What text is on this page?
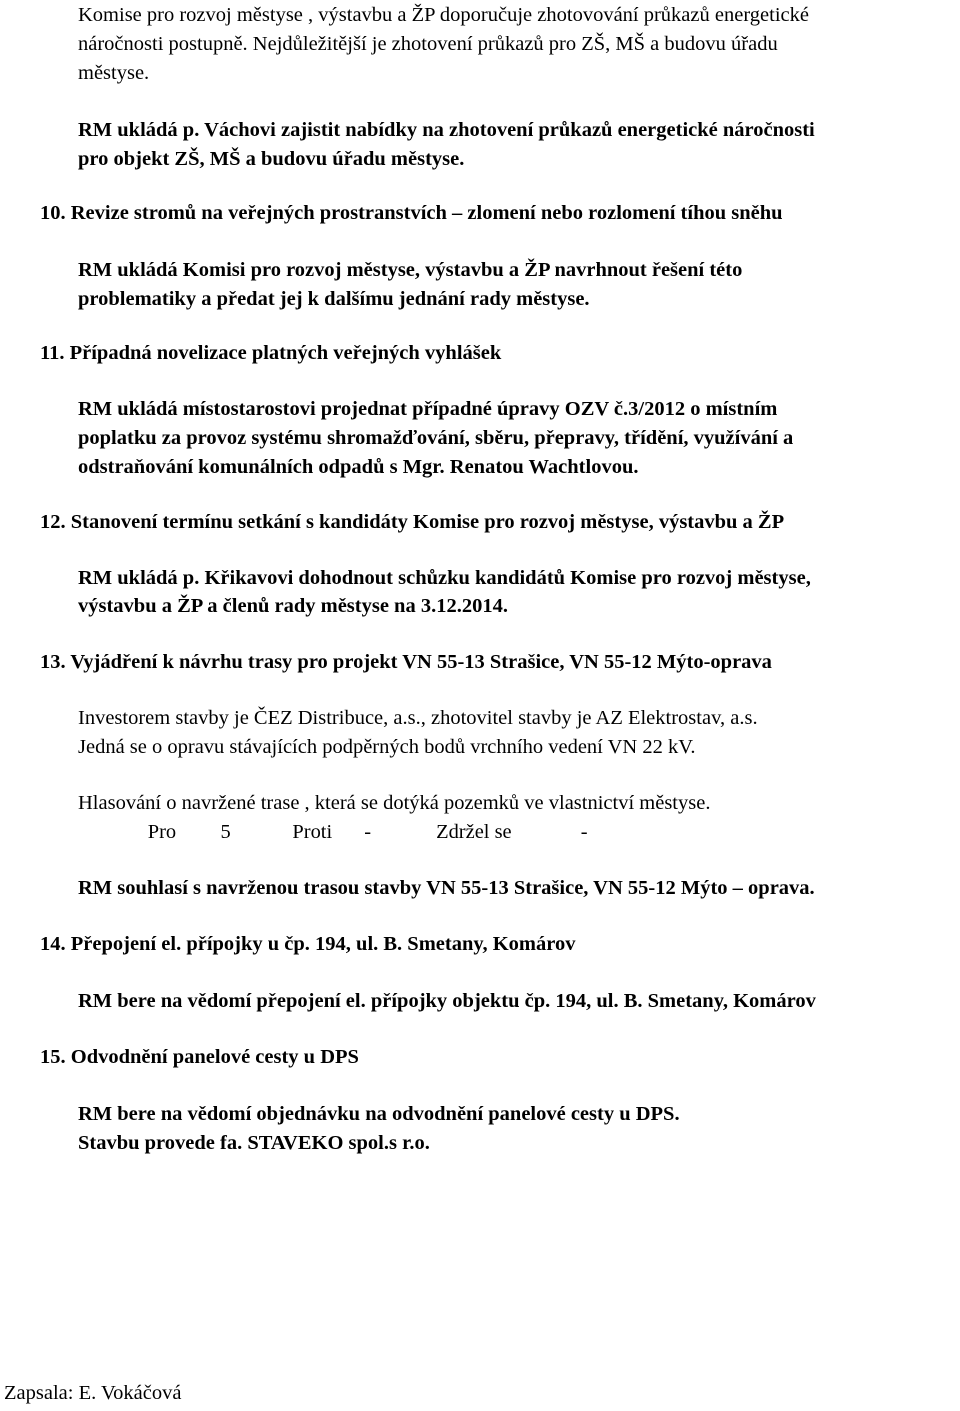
Komise pro rozvoj městyse , výstavbu a ŽP doporučuje zhotovování průkazů energetické
náročnosti postupně. Nejdůležitější je zhotovení průkazů pro ZŠ, MŠ a budovu úřadu
městyse.
RM ukládá p. Váchovi zajistit nabídky na zhotovení průkazů energetické náročnosti
pro objekt ZŠ, MŠ a budovu úřadu městyse.
10. Revize stromů na veřejných prostranstvích – zlomení nebo rozlomení tíhou sněhu
RM ukládá Komisi pro rozvoj městyse, výstavbu a ŽP navrhnout řešení této
problematiky a předat jej k dalšímu jednání rady městyse.
11. Případná novelizace platných veřejných vyhlášek
RM ukládá místostarostovi projednat případné úpravy OZV č.3/2012 o místním
poplatku za provoz systému shromažďování, sběru, přepravy, třídění, využívání a
odstraňování komunálních odpadů s Mgr. Renatou Wachtlovou.
12. Stanovení termínu setkání s kandidáty Komise pro rozvoj městyse, výstavbu a ŽP
RM ukládá p. Křikavovi dohodnout schůzku kandidátů Komise pro rozvoj městyse,
výstavbu a ŽP a členů rady městyse na 3.12.2014.
13. Vyjádření k návrhu trasy pro projekt VN 55-13 Strašice, VN 55-12 Mýto-oprava
Investorem stavby je ČEZ Distribuce, a.s., zhotovitel stavby je AZ Elektrostav, a.s.
Jedná se o opravu stávajících podpěrných bodů vrchního vedení VN 22 kV.
Hlasování o navržené trase , která se dotýká pozemků ve vlastnictví městyse.
Pro 5	Proti -	Zdržel se	-
RM souhlasí s navrženou trasou stavby VN 55-13 Strašice, VN 55-12 Mýto – oprava.
14. Přepojení el. přípojky u čp. 194, ul. B. Smetany, Komárov
RM bere na vědomí přepojení el. přípojky objektu čp. 194, ul. B. Smetany, Komárov
15. Odvodnění panelové cesty u DPS
RM bere na vědomí objednávku na odvodnění panelové cesty u DPS.
Stavbu provede fa. STAVEKO spol.s r.o.
Zapsala: E. Vokáčová
